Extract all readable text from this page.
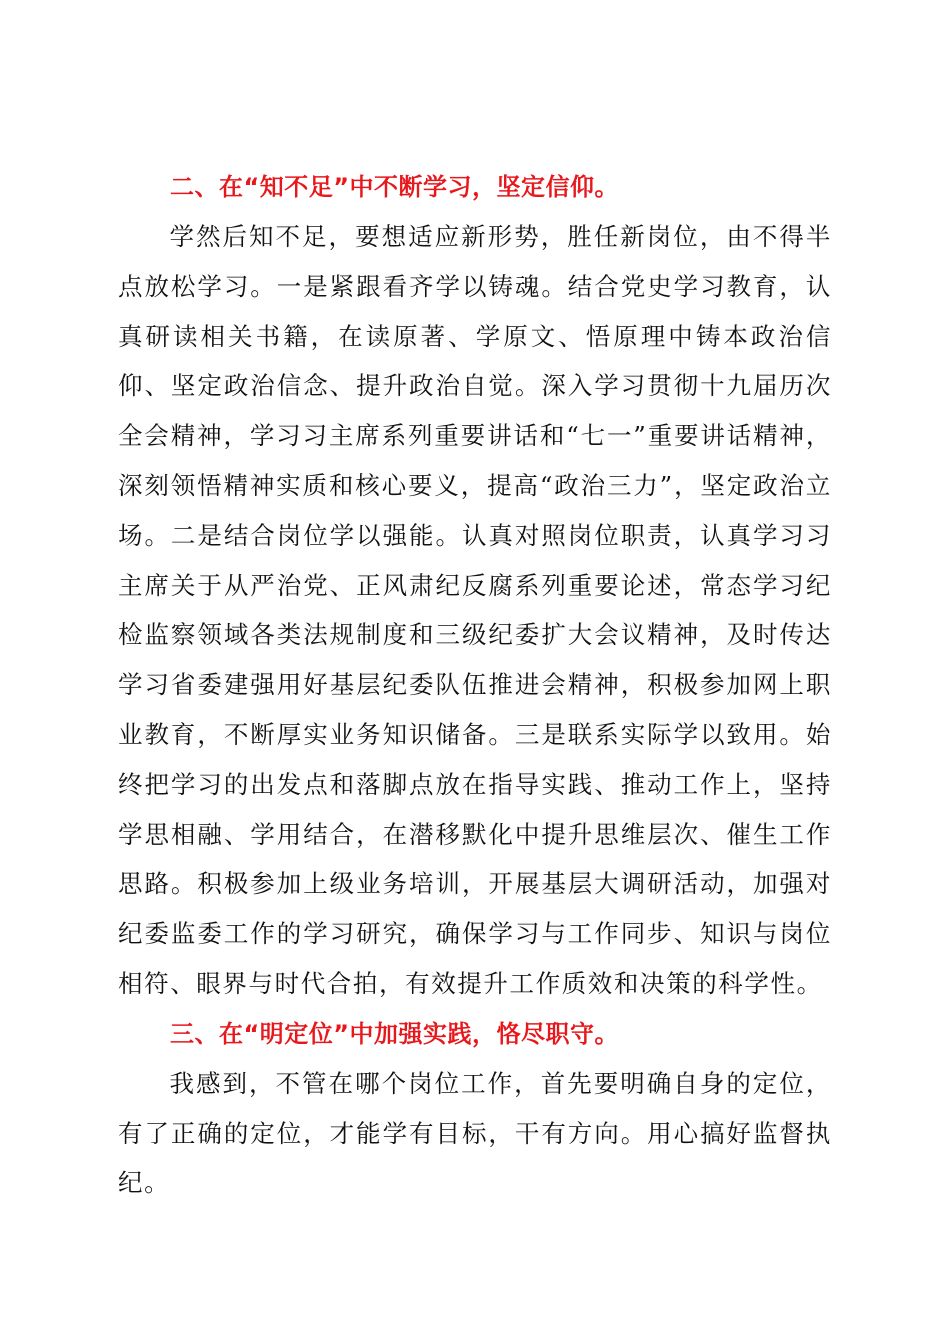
二、在“知不足”中不断学习，坚定信仰。

学然后知不足，要想适应新形势，胜任新岗位，由不得半点放松学习。一是紧跟看齐学以铸魂。结合党史学习教育，认真研读相关书籍，在读原著、学原文、悟原理中铸本政治信仰、坚定政治信念、提升政治自觉。深入学习贯彻十九届历次全会精神，学习习主席系列重要讲话和“七一”重要讲话精神，深刻领悟精神实质和核心要义，提高“政治三力”，坚定政治立场。二是结合岗位学以强能。认真对照岗位职责，认真学习习主席关于从严治党、正风肃纪反腐系列重要论述，常态学习纪检监察领域各类法规制度和三级纪委扩大会议精神，及时传达学习省委建强用好基层纪委队伍推进会精神，积极参加网上职业教育，不断厚实业务知识储备。三是联系实际学以致用。始终把学习的出发点和落脚点放在指导实践、推动工作上，坚持学思相融、学用结合，在潜移默化中提升思维层次、催生工作思路。积极参加上级业务培训，开展基层大调研活动，加强对纪委监委工作的学习研究，确保学习与工作同步、知识与岗位相符、眼界与时代合拍，有效提升工作质效和决策的科学性。

三、在“明定位”中加强实践，恪尽职守。

我感到，不管在哪个岗位工作，首先要明确自身的定位，有了正确的定位，才能学有目标，干有方向。用心搞好监督执纪。
